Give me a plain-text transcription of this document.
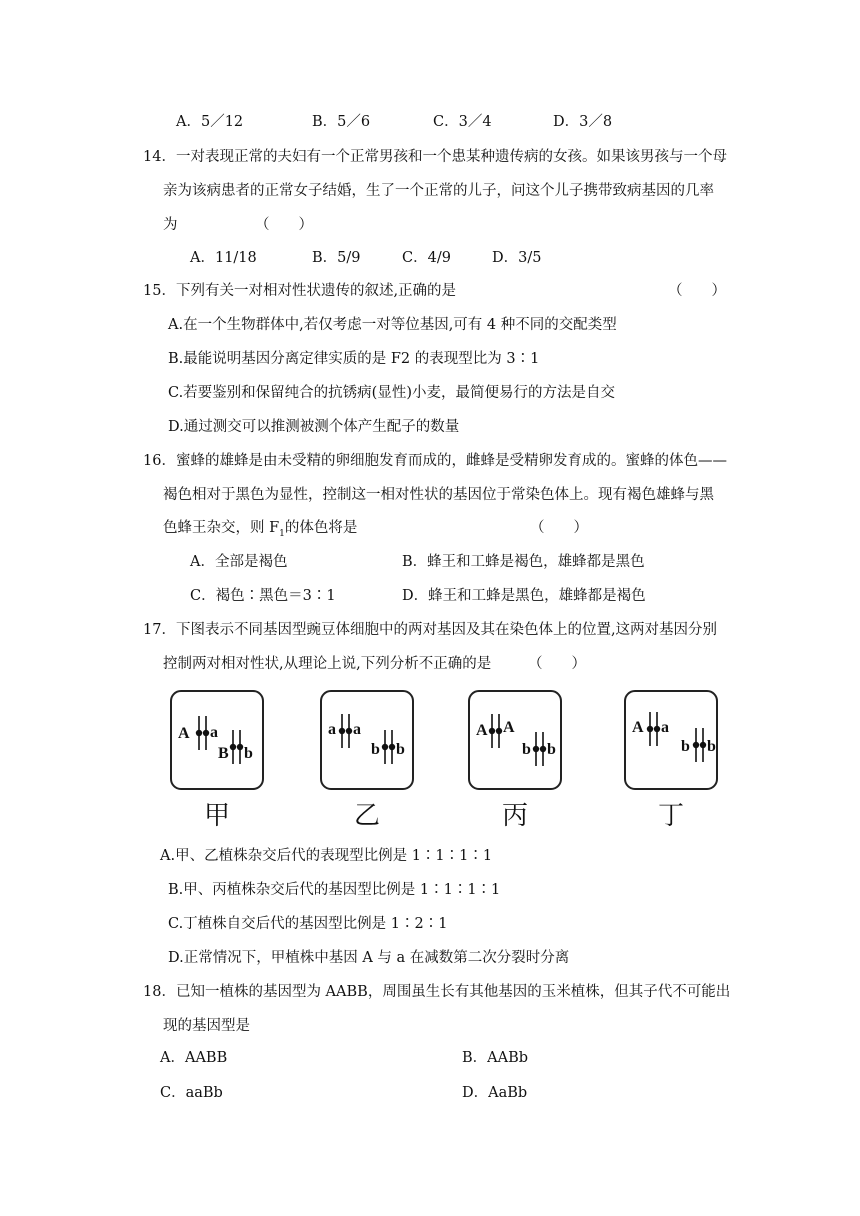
A．5／12	B．5／6	C．3／4	D．3／8
14．一对表现正常的夫妇有一个正常男孩和一个患某种遗传病的女孩。如果该男孩与一个母
亲为该病患者的正常女子结婚，生了一个正常的儿子，问这个儿子携带致病基因的几率
为	（　　）
A．11/18	B．5/9	C．4/9	D．3/5
15．下列有关一对相对性状遗传的叙述,正确的是	（　　）
A.在一个生物群体中,若仅考虑一对等位基因,可有 4 种不同的交配类型
B.最能说明基因分离定律实质的是 F2 的表现型比为 3∶1
C.若要鉴别和保留纯合的抗锈病(显性)小麦，最简便易行的方法是自交
D.通过测交可以推测被测个体产生配子的数量
16．蜜蜂的雄蜂是由未受精的卵细胞发育而成的，雌蜂是受精卵发育成的。蜜蜂的体色——
褐色相对于黑色为显性，控制这一相对性状的基因位于常染色体上。现有褐色雄蜂与黑
色蜂王杂交，则 $F_1$的体色将是	（　　）
A．全部是褐色	B．蜂王和工蜂是褐色，雄蜂都是黑色
C．褐色∶黑色＝3∶1	D．蜂王和工蜂是黑色，雄蜂都是褐色
17．下图表示不同基因型豌豆体细胞中的两对基因及其在染色体上的位置,这两对基因分别
控制两对相对性状,从理论上说,下列分析不正确的是	（　　）
A a
B b
甲
a a
b b
乙
A A
b b
丙
A a
b b
丁
A.甲、乙植株杂交后代的表现型比例是 1∶1∶1∶1
B.甲、丙植株杂交后代的基因型比例是 1∶1∶1∶1
C.丁植株自交后代的基因型比例是 1∶2∶1
D.正常情况下，甲植株中基因 A 与 a 在减数第二次分裂时分离
18．已知一植株的基因型为 AABB，周围虽生长有其他基因的玉米植株，但其子代不可能出
现的基因型是
A．AABB	B．AABb
C．aaBb	D．AaBb
